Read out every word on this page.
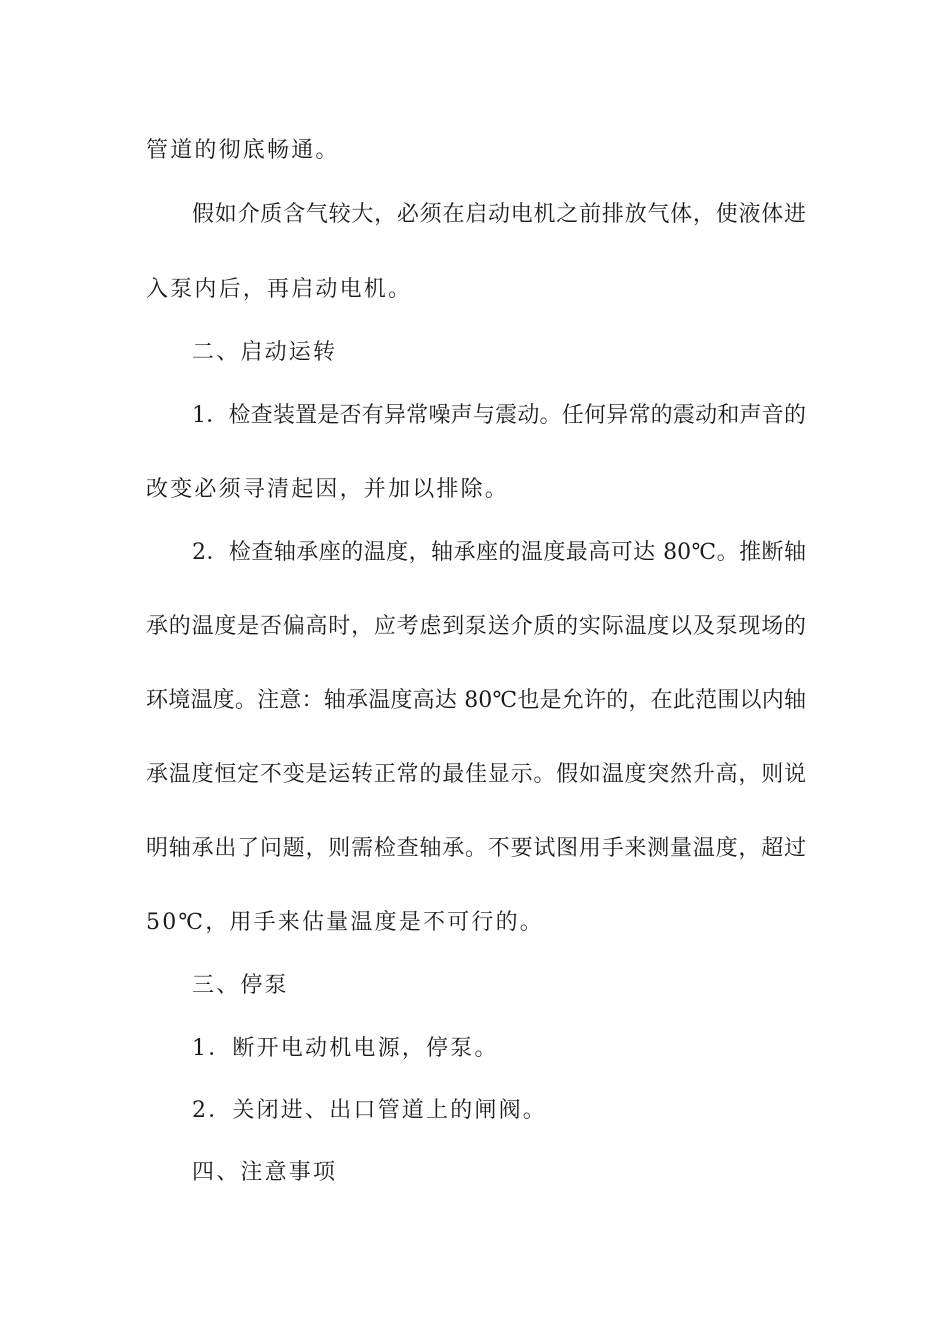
管道的彻底畅通。

假如介质含气较大，必须在启动电机之前排放气体，使液体进

入泵内后，再启动电机。

二、启动运转

1．检查装置是否有异常噪声与震动。任何异常的震动和声音的

改变必须寻清起因，并加以排除。

2．检查轴承座的温度，轴承座的温度最高可达 80℃。推断轴

承的温度是否偏高时，应考虑到泵送介质的实际温度以及泵现场的

环境温度。注意：轴承温度高达 80℃也是允许的，在此范围以内轴

承温度恒定不变是运转正常的最佳显示。假如温度突然升高，则说

明轴承出了问题，则需检查轴承。不要试图用手来测量温度，超过

50℃，用手来估量温度是不可行的。

三、停泵

1．断开电动机电源，停泵。

2．关闭进、出口管道上的闸阀。

四、注意事项
